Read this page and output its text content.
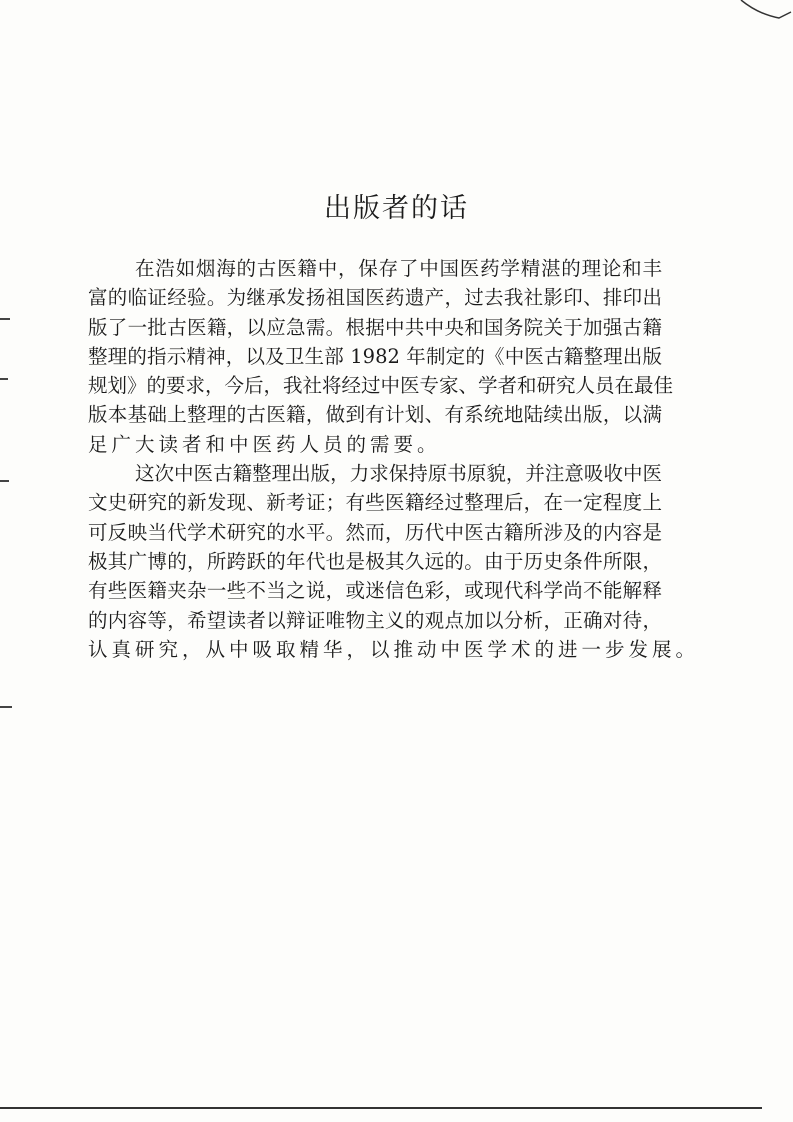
出版者的话
在浩如烟海的古医籍中，保存了中国医药学精湛的理论和丰
富的临证经验。为继承发扬祖国医药遗产，过去我社影印、排印出
版了一批古医籍，以应急需。根据中共中央和国务院关于加强古籍
整理的指示精神，以及卫生部 1982 年制定的《中医古籍整理出版
规划》的要求，今后，我社将经过中医专家、学者和研究人员在最佳
版本基础上整理的古医籍，做到有计划、有系统地陆续出版，以满
足广大读者和中医药人员的需要。
这次中医古籍整理出版，力求保持原书原貌，并注意吸收中医
文史研究的新发现、新考证；有些医籍经过整理后，在一定程度上
可反映当代学术研究的水平。然而，历代中医古籍所涉及的内容是
极其广博的，所跨跃的年代也是极其久远的。由于历史条件所限，
有些医籍夹杂一些不当之说，或迷信色彩，或现代科学尚不能解释
的内容等，希望读者以辩证唯物主义的观点加以分析，正确对待，
认真研究，从中吸取精华，以推动中医学术的进一步发展。
